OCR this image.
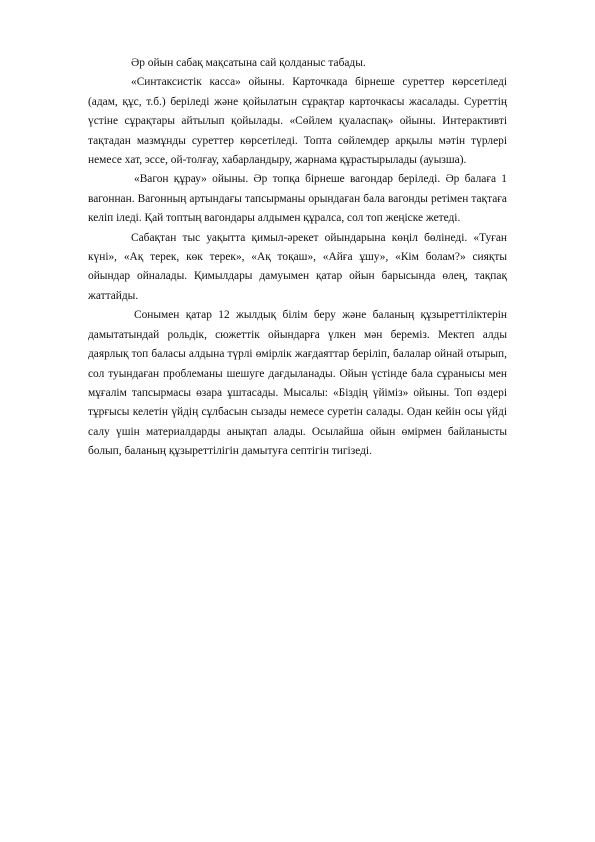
Әр ойын сабақ мақсатына сай қолданыс табады.

«Синтаксистік касса» ойыны. Карточкада бірнеше суреттер көрсетіледі (адам, құс, т.б.) беріледі және қойылатын сұрақтар карточкасы жасалады. Суреттің үстіне сұрақтары айтылып қойылады. «Сөйлем қуаласпақ» ойыны. Интерактивті тақтадан мазмұнды суреттер көрсетіледі. Топта сөйлемдер арқылы мәтін түрлері немесе хат, эссе, ой-толғау, хабарландыру, жарнама құрастырылады (ауызша).

«Вагон құрау» ойыны. Әр топқа бірнеше вагондар беріледі. Әр балаға 1 вагоннан. Вагонның артындағы тапсырманы орындаған бала вагонды ретімен тақтаға келіп іледі. Қай топтың вагондары алдымен құралса, сол топ жеңіске жетеді.

Сабақтан тыс уақытта қимыл-әрекет ойындарына көңіл бөлінеді. «Туған күні», «Ақ терек, көк терек», «Ақ тоқаш», «Айға ұшу», «Кім болам?» сияқты ойындар ойналады. Қимылдары дамуымен қатар ойын барысында өлең, тақпақ жаттайды.

Сонымен қатар 12 жылдық білім беру және баланың құзыреттіліктерін дамытатындай рольдік, сюжеттік ойындарға үлкен мән береміз. Мектеп алды даярлық топ баласы алдына түрлі өмірлік жағдаяттар беріліп, балалар ойнай отырып, сол туындаған проблеманы шешуге дағдыланады. Ойын үстінде бала сұранысы мен мұғалім тапсырмасы өзара ұштасады. Мысалы: «Біздің үйіміз» ойыны. Топ өздері тұрғысы келетін үйдің сұлбасын сызады немесе суретін салады. Одан кейін осы үйді салу үшін материалдарды анықтап алады. Осылайша ойын өмірмен байланысты болып, баланың құзыреттілігін дамытуға септігін тигізеді.
